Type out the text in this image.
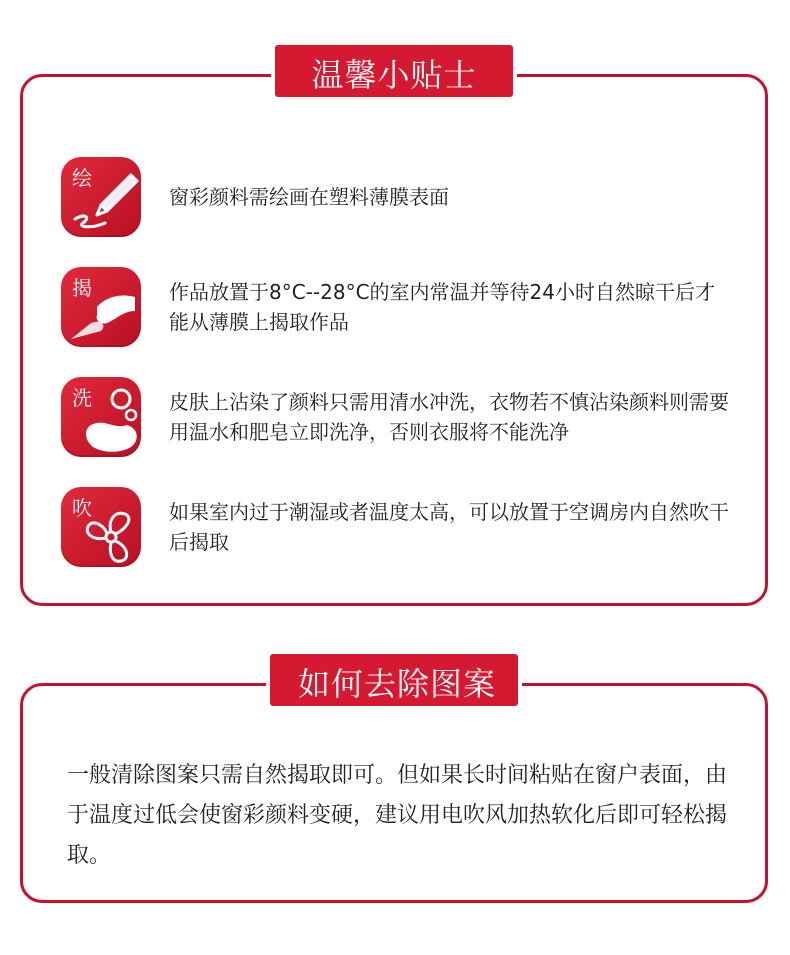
温馨小贴士
绘
窗彩颜料需绘画在塑料薄膜表面
揭	作品放置于8°C--28°C的室内常温并等待24小时自然晾干后才能从薄膜上揭取作品
洗	皮肤上沾染了颜料只需用清水冲洗，衣物若不慎沾染颜料则需要用温水和肥皂立即洗净，否则衣服将不能洗净
吹	如果室内过于潮湿或者温度太高，可以放置于空调房内自然吹干后揭取
如何去除图案
一般清除图案只需自然揭取即可。但如果长时间粘贴在窗户表面，由于温度过低会使窗彩颜料变硬，建议用电吹风加热软化后即可轻松揭取。
